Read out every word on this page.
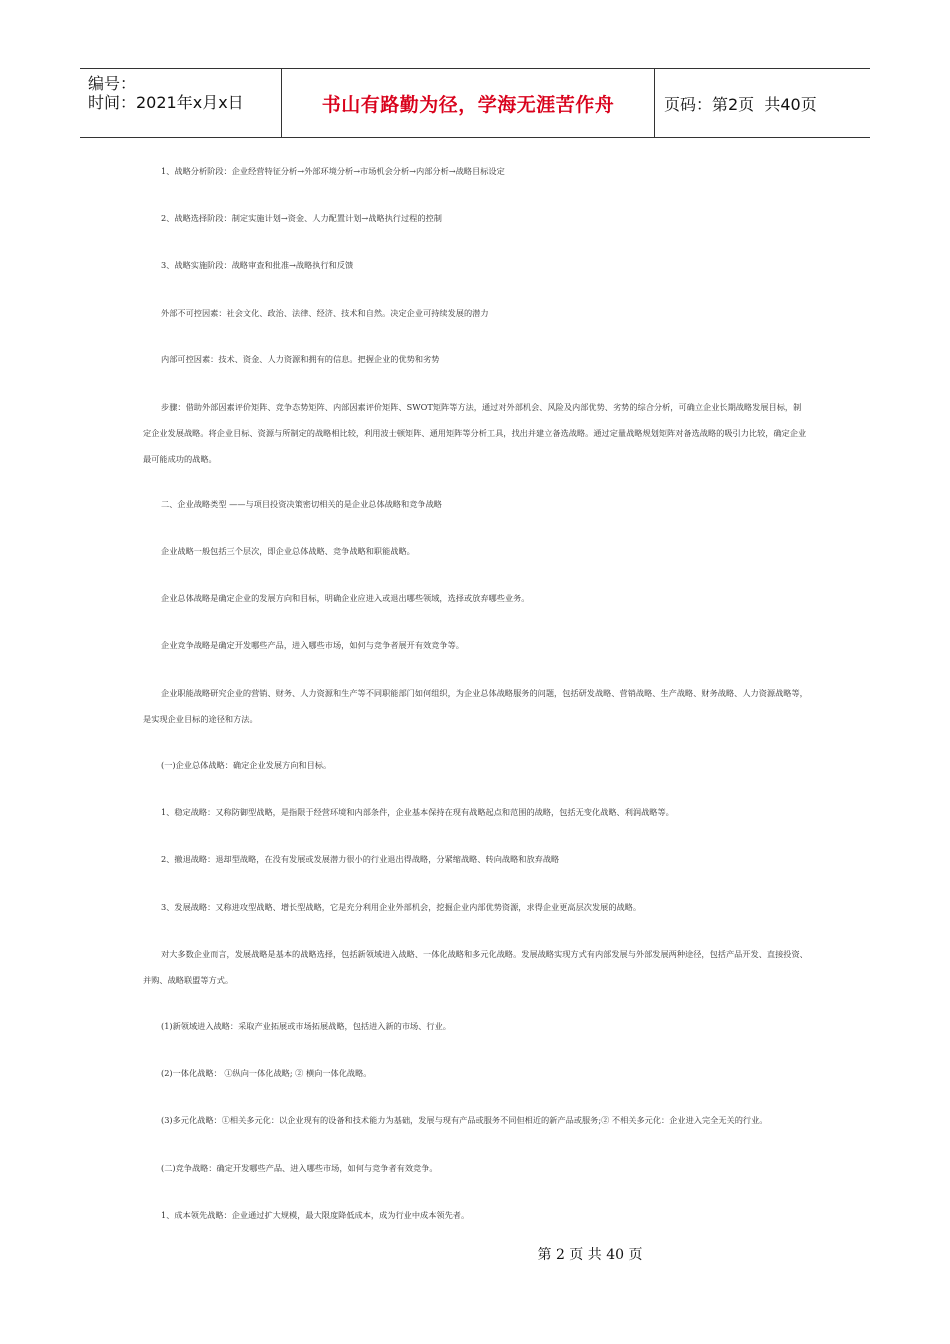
编号：
时间：2021年x月x日	书山有路勤为径，学海无涯苦作舟	页码：第2页  共40页
1、战略分析阶段：企业经营特征分析→外部环境分析→市场机会分析→内部分析→战略目标设定
2、战略选择阶段：制定实施计划→资金、人力配置计划→战略执行过程的控制
3、战略实施阶段：战略审查和批准→战略执行和反馈
外部不可控因素：社会文化、政治、法律、经济、技术和自然。决定企业可持续发展的潜力
内部可控因素：技术、资金、人力资源和拥有的信息。把握企业的优势和劣势
步骤：借助外部因素评价矩阵、竞争态势矩阵、内部因素评价矩阵、SWOT矩阵等方法，通过对外部机会、风险及内部优势、劣势的综合分析，可确立企业长期战略发展目标，制定企业发展战略。将企业目标、资源与所制定的战略相比较，利用波士顿矩阵、通用矩阵等分析工具，找出并建立备选战略。通过定量战略规划矩阵对备选战略的吸引力比较，确定企业最可能成功的战略。
二、企业战略类型 ——与项目投资决策密切相关的是企业总体战略和竞争战略
企业战略一般包括三个层次，即企业总体战略、竞争战略和职能战略。
企业总体战略是确定企业的发展方向和目标，明确企业应进入或退出哪些领域，选择或放弃哪些业务。
企业竞争战略是确定开发哪些产品，进入哪些市场，如何与竞争者展开有效竞争等。
企业职能战略研究企业的营销、财务、人力资源和生产等不同职能部门如何组织，为企业总体战略服务的问题，包括研发战略、营销战略、生产战略、财务战略、人力资源战略等，是实现企业目标的途径和方法。
(一)企业总体战略：确定企业发展方向和目标。
1、稳定战略：又称防御型战略，是指限于经营环境和内部条件，企业基本保持在现有战略起点和范围的战略，包括无变化战略、利润战略等。
2、撤退战略：退却型战略，在没有发展或发展潜力很小的行业退出得战略，分紧缩战略、转向战略和放弃战略
3、发展战略：又称进攻型战略、增长型战略，它是充分利用企业外部机会，挖掘企业内部优势资源，求得企业更高层次发展的战略。
对大多数企业而言，发展战略是基本的战略选择，包括新领域进入战略、一体化战略和多元化战略。发展战略实现方式有内部发展与外部发展两种途径，包括产品开发、直接投资、并购、战略联盟等方式。
(1)新领域进入战略：采取产业拓展或市场拓展战略，包括进入新的市场、行业。
(2)一体化战略： ①纵向一体化战略; ② 横向一体化战略。
(3)多元化战略：①相关多元化：以企业现有的设备和技术能力为基础，发展与现有产品或服务不同但相近的新产品或服务;② 不相关多元化：企业进入完全无关的行业。
(二)竞争战略：确定开发哪些产品、进入哪些市场，如何与竞争者有效竞争。
1、成本领先战略：企业通过扩大规模，最大限度降低成本，成为行业中成本领先者。
第 2 页 共 40 页
